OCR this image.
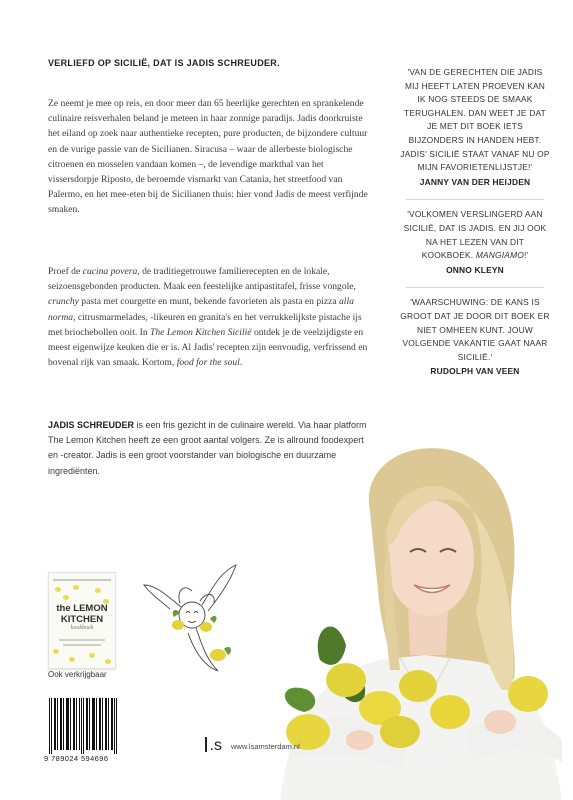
VERLIEFD OP SICILIË, DAT IS JADIS SCHREUDER.

Ze neemt je mee op reis, en door meer dan 65 heerlijke gerechten en sprankelende culinaire reisverhalen beland je meteen in haar zonnige paradijs. Jadis doorkruiste het eiland op zoek naar authentieke recepten, pure producten, de bijzondere cultuur en de vurige passie van de Sicilianen. Siracusa – waar de allerbeste biologische citroenen en mosselen vandaan komen –, de levendige markthal van het vissersdorpje Riposto, de beroemde vismarkt van Catania, het streetfood van Palermo, en het mee-eten bij de Sicilianen thuis: hier vond Jadis de meest verfijnde smaken.

Proef de cucina povera, de traditiegetrouwe familierecepten en de lokale, seizoensgebonden producten. Maak een feestelijke antipastitafel, frisse vongole, crunchy pasta met courgette en munt, bekende favorieten als pasta en pizza alla norma, citrusmarmelades, -likeuren en granita's en het verrukkelijkste pistache ijs met briochebollen ooit. In The Lemon Kitchen Sicilië ontdek je de veelzijdigste en meest eigenwijze keuken die er is. Al Jadis' recepten zijn eenvoudig, verfrissend en bovenal rijk van smaak. Kortom, food for the soul.

JADIS SCHREUDER is een fris gezicht in de culinaire wereld. Via haar platform The Lemon Kitchen heeft ze een groot aantal volgers. Ze is allround foodexpert en -creator. Jadis is een groot voorstander van biologische en duurzame ingrediënten.

'VAN DE GERECHTEN DIE JADIS MIJ HEEFT LATEN PROEVEN KAN IK NOG STEEDS DE SMAAK TERUGHALEN. DAN WEET JE DAT JE MET DIT BOEK IETS BIJZONDERS IN HANDEN HEBT. JADIS' SICILIË STAAT VANAF NU OP MIJN FAVORIETENLIJSTJE!'
JANNY VAN DER HEIJDEN

'VOLKOMEN VERSLINGERD AAN SICILIË, DAT IS JADIS. EN JIJ OOK NA HET LEZEN VAN DIT KOOKBOEK. MANGIAMO!'
ONNO KLEYN

'WAARSCHUWING: DE KANS IS GROOT DAT JE DOOR DIT BOEK ER NIET OMHEEN KUNT. JOUW VOLGENDE VAKANTIE GAAT NAAR SICILIË.'
RUDOLPH VAN VEEN

the LEMON
KITCHEN
kookboek
Ook verkrijgbaar
9 789024 594696
.s www.lsamsterdam.nl
